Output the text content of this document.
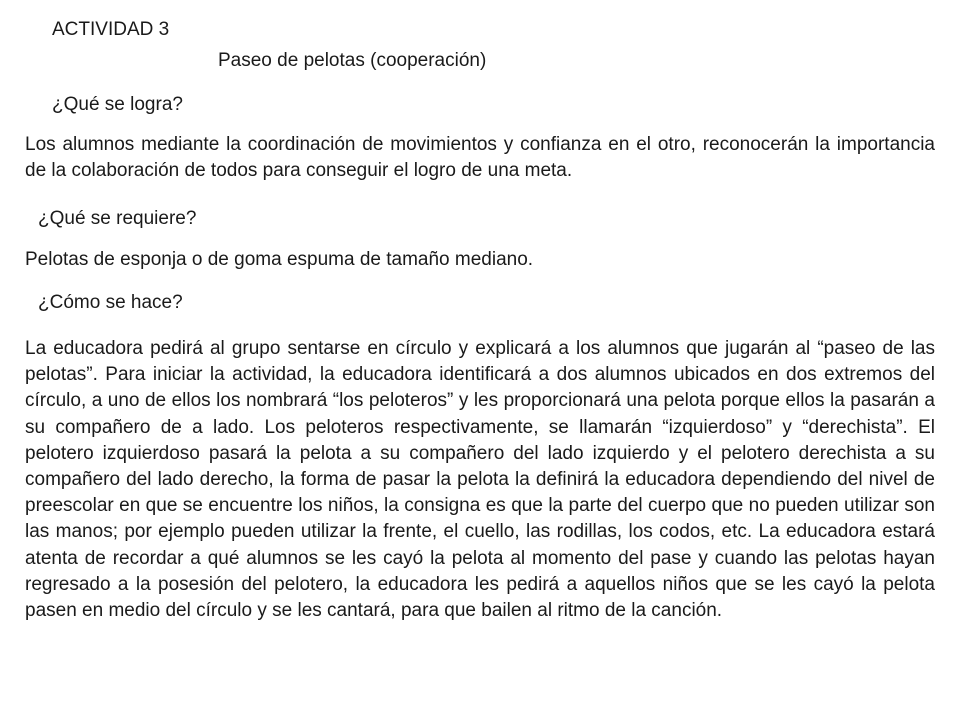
ACTIVIDAD 3
Paseo de pelotas (cooperación)
¿Qué se logra?

Los alumnos mediante la coordinación de movimientos y confianza en el otro, reconocerán la importancia de la colaboración de todos para conseguir el logro de una meta.

¿Qué se requiere?

Pelotas de esponja o de goma espuma de tamaño mediano.

¿Cómo se hace?

La educadora pedirá al grupo sentarse en círculo y explicará a los alumnos que jugarán al “paseo de las pelotas”. Para iniciar la actividad, la educadora identificará a dos alumnos ubicados en dos extremos del círculo, a uno de ellos los nombrará “los peloteros” y les proporcionará una pelota porque ellos la pasarán a su compañero de a lado. Los peloteros respectivamente, se llamarán “izquierdoso” y “derechista”. El pelotero izquierdoso pasará la pelota a su compañero del lado izquierdo y el pelotero derechista a su compañero del lado derecho, la forma de pasar la pelota la definirá la educadora dependiendo del nivel de preescolar en que se encuentre los niños, la consigna es que la parte del cuerpo que no pueden utilizar son las manos; por ejemplo pueden utilizar la frente, el cuello, las rodillas, los codos, etc. La educadora estará atenta de recordar a qué alumnos se les cayó la pelota al momento del pase y cuando las pelotas hayan regresado a la posesión del pelotero, la educadora les pedirá a aquellos niños que se les cayó la pelota pasen en medio del círculo y se les cantará, para que bailen al ritmo de la canción.
